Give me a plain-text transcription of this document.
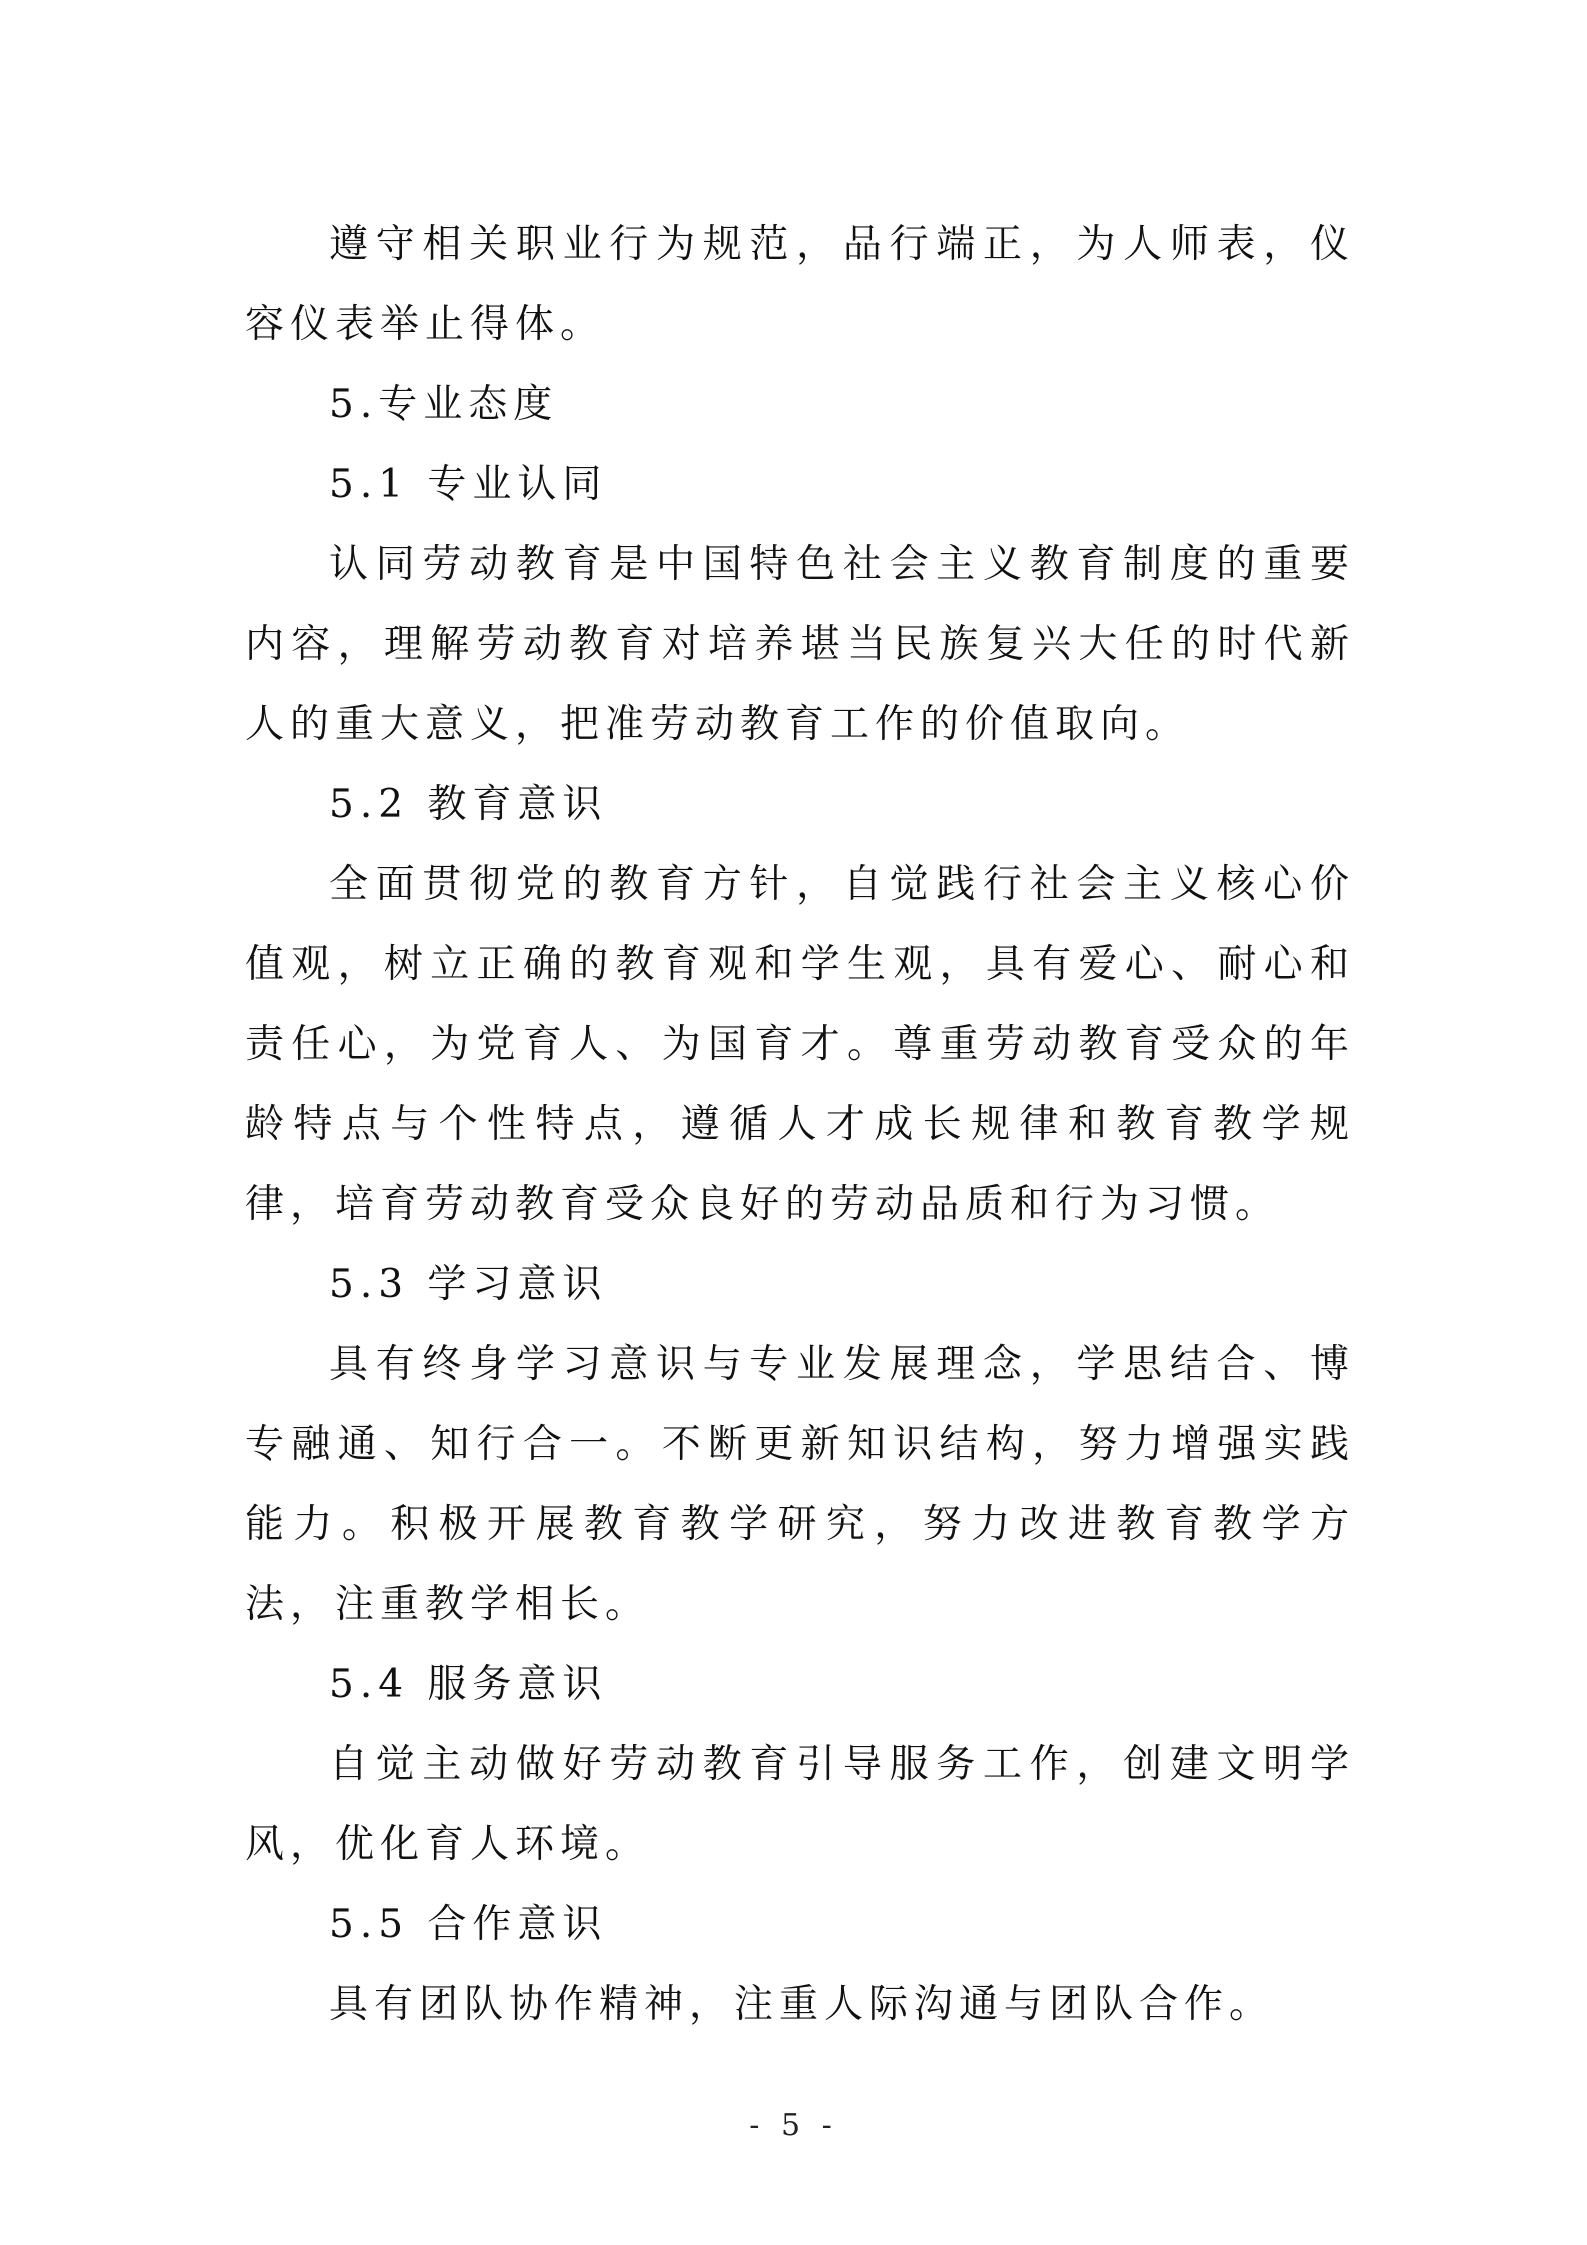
遵守相关职业行为规范，品行端正，为人师表，仪容仪表举止得体。

5.专业态度

5.1 专业认同

认同劳动教育是中国特色社会主义教育制度的重要内容，理解劳动教育对培养堪当民族复兴大任的时代新人的重大意义，把准劳动教育工作的价值取向。

5.2 教育意识

全面贯彻党的教育方针，自觉践行社会主义核心价值观，树立正确的教育观和学生观，具有爱心、耐心和责任心，为党育人、为国育才。尊重劳动教育受众的年龄特点与个性特点，遵循人才成长规律和教育教学规律，培育劳动教育受众良好的劳动品质和行为习惯。

5.3 学习意识

具有终身学习意识与专业发展理念，学思结合、博专融通、知行合一。不断更新知识结构，努力增强实践能力。积极开展教育教学研究，努力改进教育教学方法，注重教学相长。

5.4 服务意识

自觉主动做好劳动教育引导服务工作，创建文明学风，优化育人环境。

5.5 合作意识

具有团队协作精神，注重人际沟通与团队合作。

- 5 -
